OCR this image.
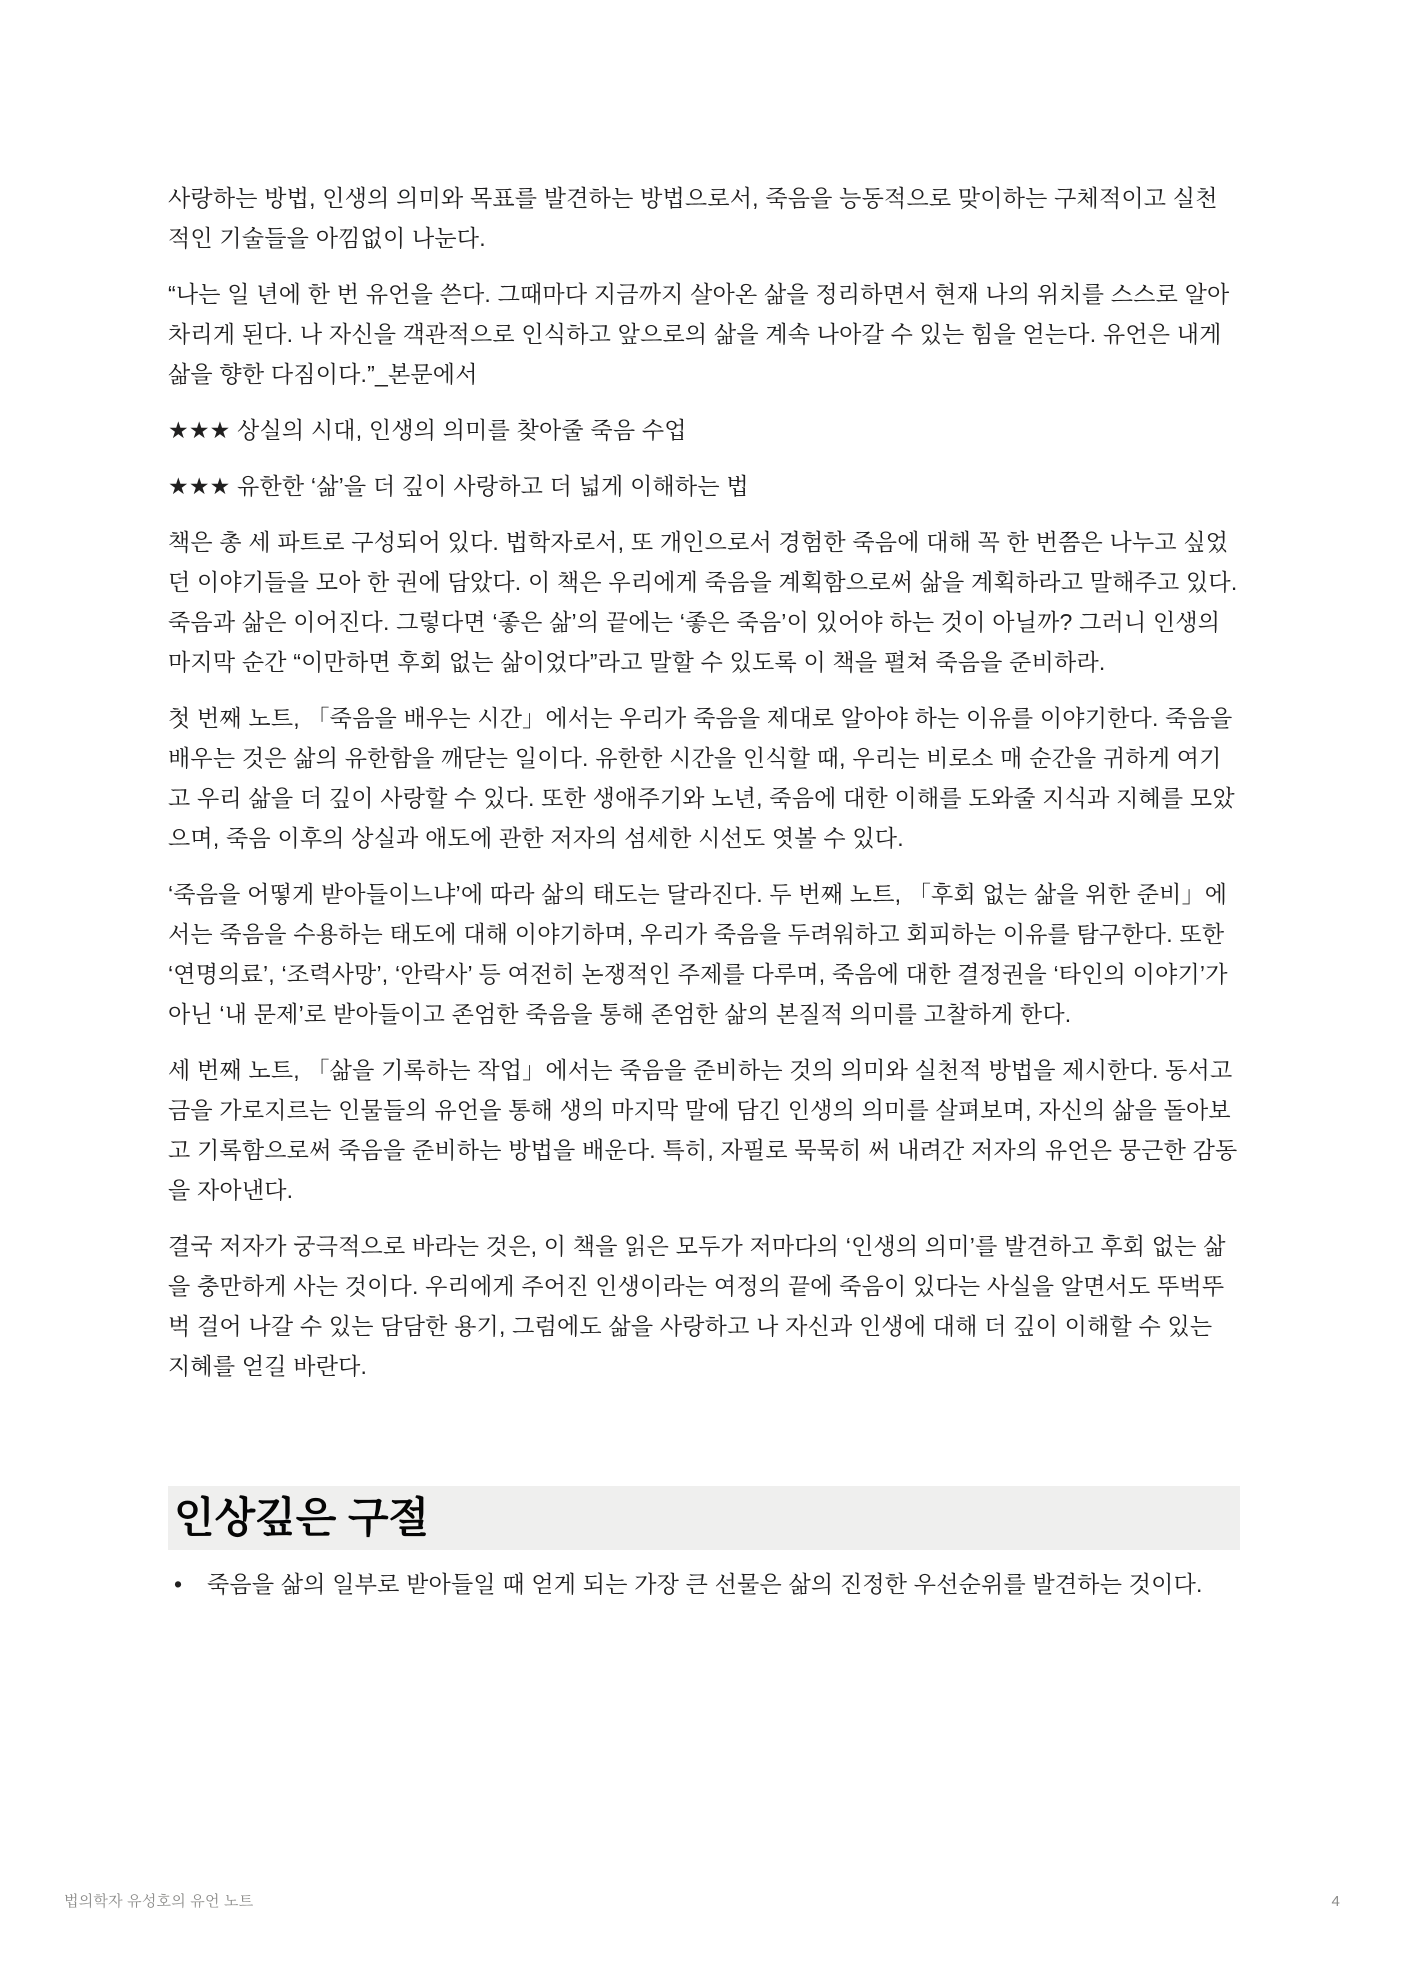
사랑하는 방법, 인생의 의미와 목표를 발견하는 방법으로서, 죽음을 능동적으로 맞이하는 구체적이고 실천적인 기술들을 아낌없이 나눈다.

“나는 일 년에 한 번 유언을 쓴다. 그때마다 지금까지 살아온 삶을 정리하면서 현재 나의 위치를 스스로 알아차리게 된다. 나 자신을 객관적으로 인식하고 앞으로의 삶을 계속 나아갈 수 있는 힘을 얻는다. 유언은 내게 삶을 향한 다짐이다.”_본문에서

★★★ 상실의 시대, 인생의 의미를 찾아줄 죽음 수업

★★★ 유한한 ‘삶’을 더 깊이 사랑하고 더 넓게 이해하는 법

책은 총 세 파트로 구성되어 있다. 법학자로서, 또 개인으로서 경험한 죽음에 대해 꼭 한 번쯤은 나누고 싶었던 이야기들을 모아 한 권에 담았다. 이 책은 우리에게 죽음을 계획함으로써 삶을 계획하라고 말해주고 있다. 죽음과 삶은 이어진다. 그렇다면 ‘좋은 삶’의 끝에는 ‘좋은 죽음’이 있어야 하는 것이 아닐까? 그러니 인생의 마지막 순간 “이만하면 후회 없는 삶이었다”라고 말할 수 있도록 이 책을 펼쳐 죽음을 준비하라.

첫 번째 노트, 「죽음을 배우는 시간」에서는 우리가 죽음을 제대로 알아야 하는 이유를 이야기한다. 죽음을 배우는 것은 삶의 유한함을 깨닫는 일이다. 유한한 시간을 인식할 때, 우리는 비로소 매 순간을 귀하게 여기고 우리 삶을 더 깊이 사랑할 수 있다. 또한 생애주기와 노년, 죽음에 대한 이해를 도와줄 지식과 지혜를 모았으며, 죽음 이후의 상실과 애도에 관한 저자의 섬세한 시선도 엿볼 수 있다.

‘죽음을 어떻게 받아들이느냐’에 따라 삶의 태도는 달라진다. 두 번째 노트, 「후회 없는 삶을 위한 준비」에서는 죽음을 수용하는 태도에 대해 이야기하며, 우리가 죽음을 두려워하고 회피하는 이유를 탐구한다. 또한 ‘연명의료’, ‘조력사망’, ‘안락사’ 등 여전히 논쟁적인 주제를 다루며, 죽음에 대한 결정권을 ‘타인의 이야기’가 아닌 ‘내 문제’로 받아들이고 존엄한 죽음을 통해 존엄한 삶의 본질적 의미를 고찰하게 한다.

세 번째 노트, 「삶을 기록하는 작업」에서는 죽음을 준비하는 것의 의미와 실천적 방법을 제시한다. 동서고금을 가로지르는 인물들의 유언을 통해 생의 마지막 말에 담긴 인생의 의미를 살펴보며, 자신의 삶을 돌아보고 기록함으로써 죽음을 준비하는 방법을 배운다. 특히, 자필로 묵묵히 써 내려간 저자의 유언은 뭉근한 감동을 자아낸다.

결국 저자가 궁극적으로 바라는 것은, 이 책을 읽은 모두가 저마다의 ‘인생의 의미’를 발견하고 후회 없는 삶을 충만하게 사는 것이다. 우리에게 주어진 인생이라는 여정의 끝에 죽음이 있다는 사실을 알면서도 뚜벅뚜벅 걸어 나갈 수 있는 담담한 용기, 그럼에도 삶을 사랑하고 나 자신과 인생에 대해 더 깊이 이해할 수 있는 지혜를 얻길 바란다.

인상깊은 구절
• 죽음을 삶의 일부로 받아들일 때 얻게 되는 가장 큰 선물은 삶의 진정한 우선순위를 발견하는 것이다.
법의학자 유성호의 유언 노트	4
